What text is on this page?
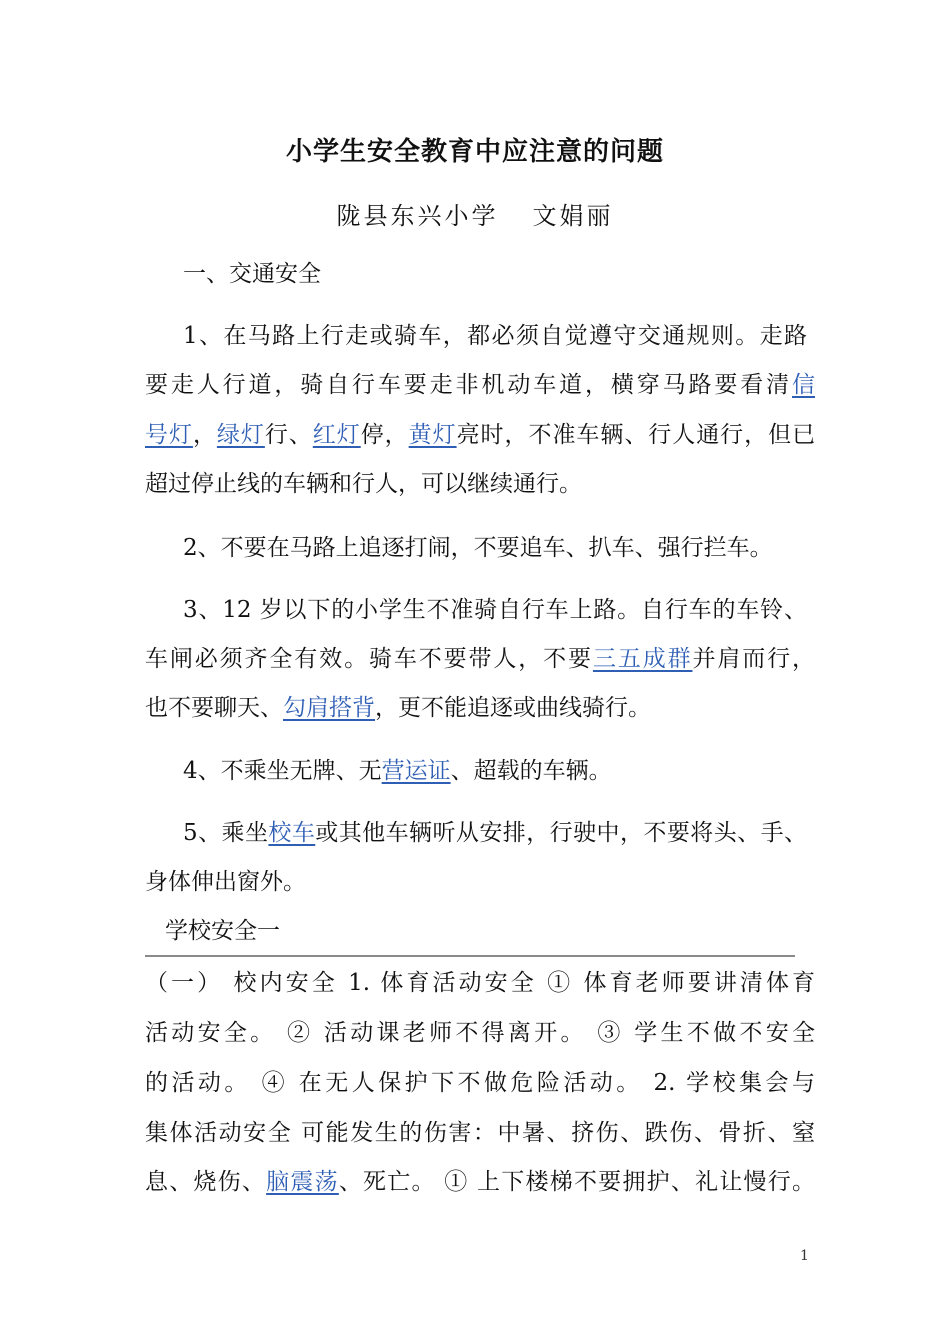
小学生安全教育中应注意的问题
陇县东兴小学 文娟丽
一、交通安全
1、在马路上行走或骑车，都必须自觉遵守交通规则。走路
要走人行道，骑自行车要走非机动车道，横穿马路要看清信
号灯，绿灯行、红灯停，黄灯亮时，不准车辆、行人通行，但已
超过停止线的车辆和行人，可以继续通行。
2、不要在马路上追逐打闹，不要追车、扒车、强行拦车。
3、12 岁以下的小学生不准骑自行车上路。自行车的车铃、
车闸必须齐全有效。骑车不要带人，不要三五成群并肩而行，
也不要聊天、勾肩搭背，更不能追逐或曲线骑行。
4、不乘坐无牌、无营运证、超载的车辆。
5、乘坐校车或其他车辆听从安排，行驶中，不要将头、手、
身体伸出窗外。
学校安全一
（一） 校内安全 1. 体育活动安全 ① 体育老师要讲清体育
活动安全。 ② 活动课老师不得离开。 ③ 学生不做不安全
的活动。 ④ 在无人保护下不做危险活动。 2. 学校集会与
集体活动安全 可能发生的伤害：中暑、挤伤、跌伤、骨折、窒
息、烧伤、脑震荡、死亡。 ① 上下楼梯不要拥护、礼让慢行。
1
